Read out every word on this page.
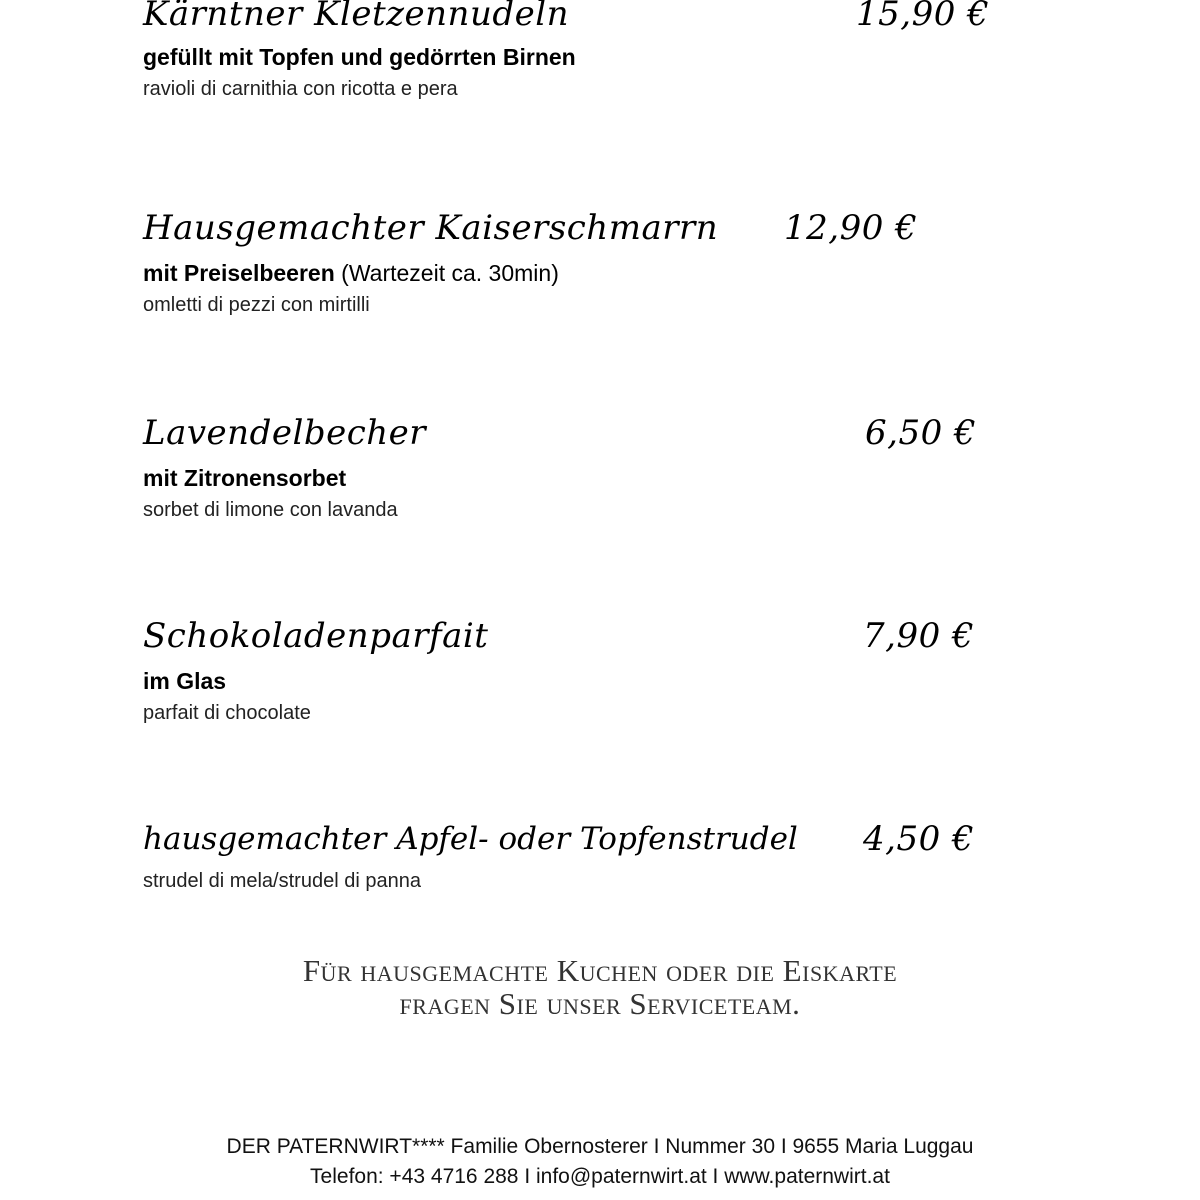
Kärntner Kletzennudeln	15,90 €
gefüllt mit Topfen und gedörrten Birnen
ravioli di carnithia con ricotta e pera
Hausgemachter Kaiserschmarrn 12,90 €
mit Preiselbeeren (Wartezeit ca. 30min)
omletti di pezzi con mirtilli
Lavendelbecher	6,50 €
mit Zitronensorbet
sorbet di limone con lavanda
Schokoladenparfait	7,90 €
im Glas
parfait di chocolate
hausgemachter Apfel- oder Topfenstrudel 4,50 €
strudel di mela/strudel di panna
Für hausgemachte Kuchen oder die Eiskarte
fragen Sie unser Serviceteam.
DER PATERNWIRT**** Familie Obernosterer I Nummer 30 I 9655 Maria Luggau
Telefon: +43 4716 288 I info@paternwirt.at I www.paternwirt.at
